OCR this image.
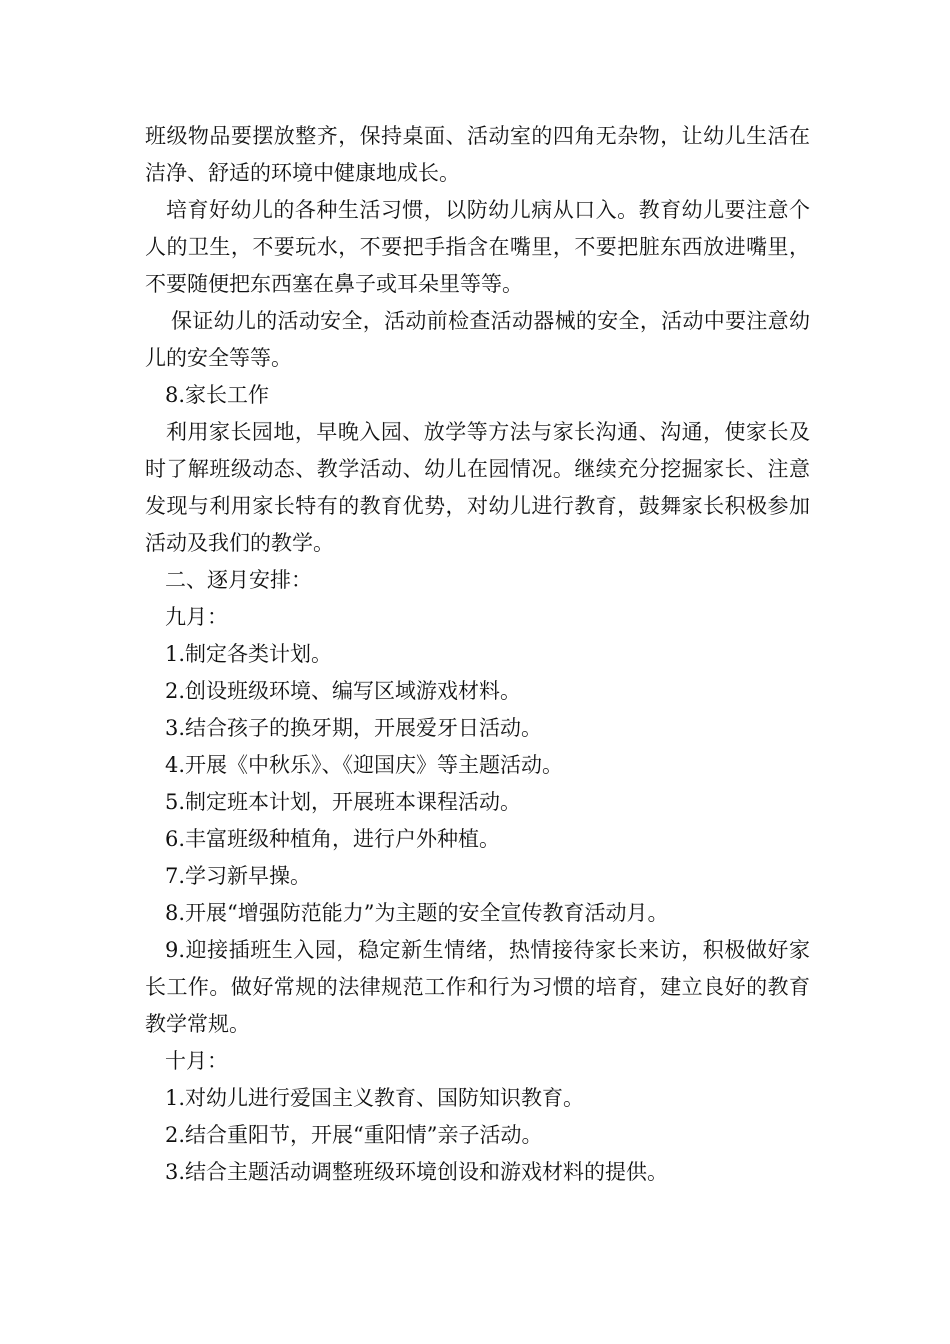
班级物品要摆放整齐，保持桌面、活动室的四角无杂物，让幼儿生活在洁净、舒适的环境中健康地成长。

培育好幼儿的各种生活习惯，以防幼儿病从口入。教育幼儿要注意个人的卫生，不要玩水，不要把手指含在嘴里，不要把脏东西放进嘴里，不要随便把东西塞在鼻子或耳朵里等等。

保证幼儿的活动安全，活动前检查活动器械的安全，活动中要注意幼儿的安全等等。

8.家长工作

利用家长园地，早晚入园、放学等方法与家长沟通、沟通，使家长及时了解班级动态、教学活动、幼儿在园情况。继续充分挖掘家长、注意发现与利用家长特有的教育优势，对幼儿进行教育，鼓舞家长积极参加活动及我们的教学。

二、逐月安排：

九月：

1.制定各类计划。

2.创设班级环境、编写区域游戏材料。

3.结合孩子的换牙期，开展爱牙日活动。

4.开展《中秋乐》、《迎国庆》等主题活动。

5.制定班本计划，开展班本课程活动。

6.丰富班级种植角，进行户外种植。

7.学习新早操。

8.开展“增强防范能力”为主题的安全宣传教育活动月。

9.迎接插班生入园，稳定新生情绪，热情接待家长来访，积极做好家长工作。做好常规的法律规范工作和行为习惯的培育，建立良好的教育教学常规。

十月：

1.对幼儿进行爱国主义教育、国防知识教育。

2.结合重阳节，开展“重阳情”亲子活动。

3.结合主题活动调整班级环境创设和游戏材料的提供。
